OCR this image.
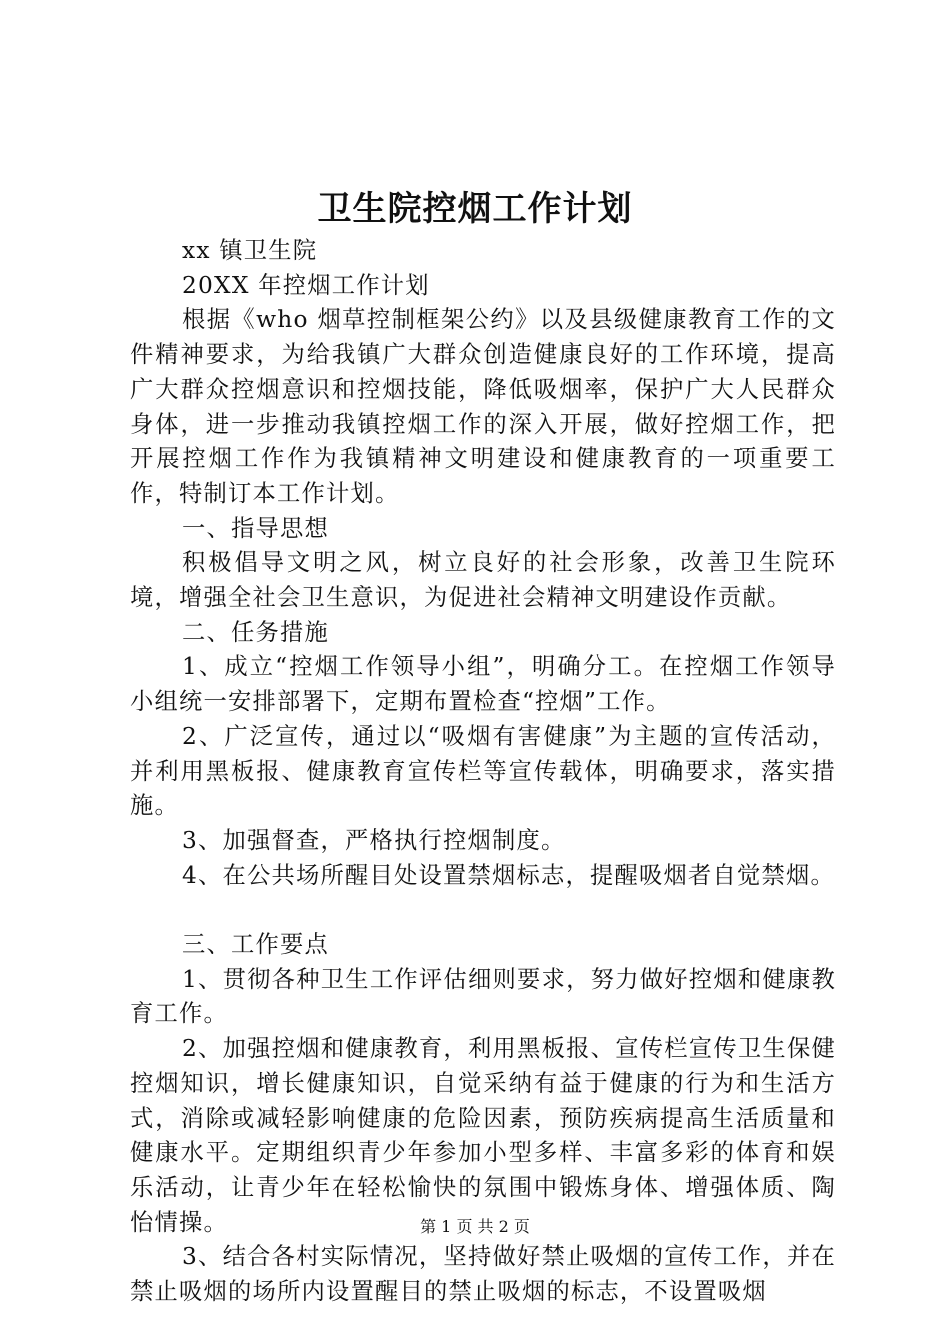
卫生院控烟工作计划

xx 镇卫生院

20XX 年控烟工作计划

根据《who 烟草控制框架公约》以及县级健康教育工作的文件精神要求，为给我镇广大群众创造健康良好的工作环境，提高广大群众控烟意识和控烟技能，降低吸烟率，保护广大人民群众身体，进一步推动我镇控烟工作的深入开展，做好控烟工作，把开展控烟工作作为我镇精神文明建设和健康教育的一项重要工作，特制订本工作计划。

一、指导思想

积极倡导文明之风，树立良好的社会形象，改善卫生院环境，增强全社会卫生意识，为促进社会精神文明建设作贡献。

二、任务措施

1、成立“控烟工作领导小组”，明确分工。在控烟工作领导小组统一安排部署下，定期布置检查“控烟”工作。

2、广泛宣传，通过以“吸烟有害健康”为主题的宣传活动，并利用黑板报、健康教育宣传栏等宣传载体，明确要求，落实措施。

3、加强督查，严格执行控烟制度。

4、在公共场所醒目处设置禁烟标志，提醒吸烟者自觉禁烟。

三、工作要点

1、贯彻各种卫生工作评估细则要求，努力做好控烟和健康教育工作。

2、加强控烟和健康教育，利用黑板报、宣传栏宣传卫生保健控烟知识，增长健康知识，自觉采纳有益于健康的行为和生活方式，消除或减轻影响健康的危险因素，预防疾病提高生活质量和健康水平。定期组织青少年参加小型多样、丰富多彩的体育和娱乐活动，让青少年在轻松愉快的氛围中锻炼身体、增强体质、陶怡情操。

3、结合各村实际情况，坚持做好禁止吸烟的宣传工作，并在禁止吸烟的场所内设置醒目的禁止吸烟的标志，不设置吸烟

第 1 页 共 2 页
